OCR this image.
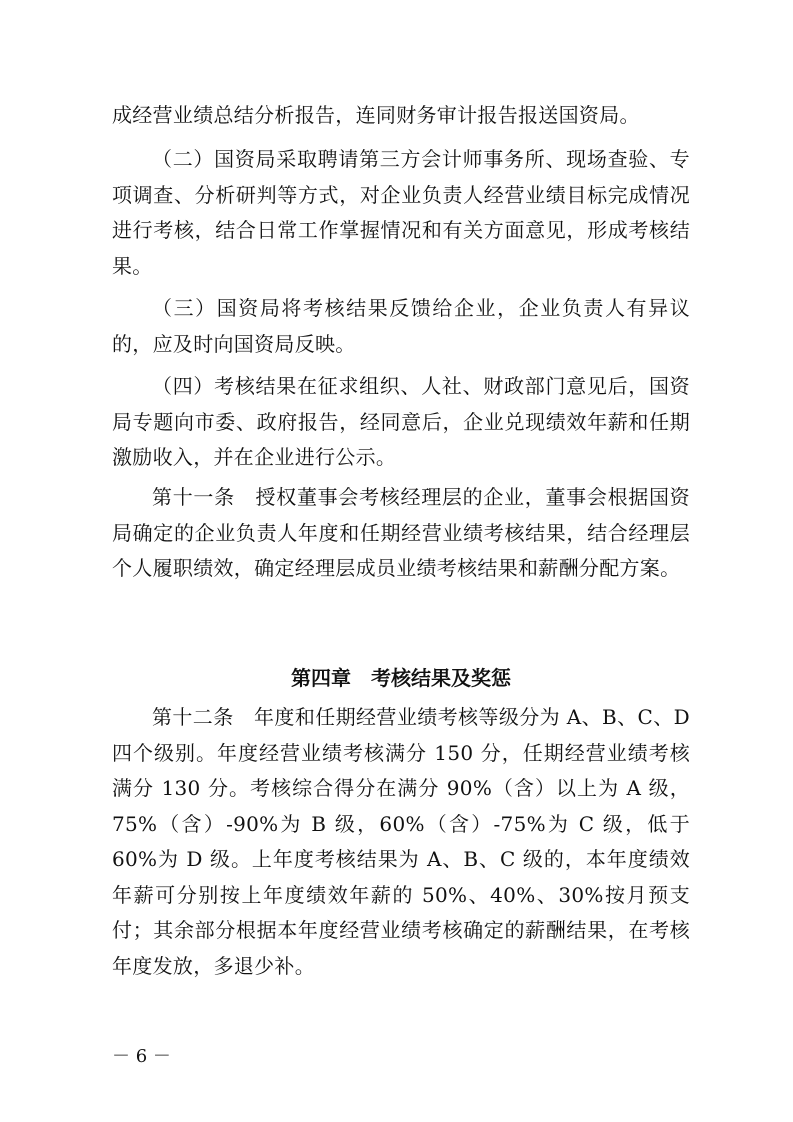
成经营业绩总结分析报告，连同财务审计报告报送国资局。

（二）国资局采取聘请第三方会计师事务所、现场查验、专项调查、分析研判等方式，对企业负责人经营业绩目标完成情况进行考核，结合日常工作掌握情况和有关方面意见，形成考核结果。

（三）国资局将考核结果反馈给企业，企业负责人有异议的，应及时向国资局反映。

（四）考核结果在征求组织、人社、财政部门意见后，国资局专题向市委、政府报告，经同意后，企业兑现绩效年薪和任期激励收入，并在企业进行公示。

第十一条　授权董事会考核经理层的企业，董事会根据国资局确定的企业负责人年度和任期经营业绩考核结果，结合经理层个人履职绩效，确定经理层成员业绩考核结果和薪酬分配方案。

第四章　考核结果及奖惩

第十二条　年度和任期经营业绩考核等级分为 A、B、C、D 四个级别。年度经营业绩考核满分 150 分，任期经营业绩考核满分 130 分。考核综合得分在满分 90%（含）以上为 A 级，75%（含）-90%为 B 级，60%（含）-75%为 C 级，低于 60%为 D 级。上年度考核结果为 A、B、C 级的，本年度绩效年薪可分别按上年度绩效年薪的 50%、40%、30%按月预支付；其余部分根据本年度经营业绩考核确定的薪酬结果，在考核年度发放，多退少补。

－ 6 －
